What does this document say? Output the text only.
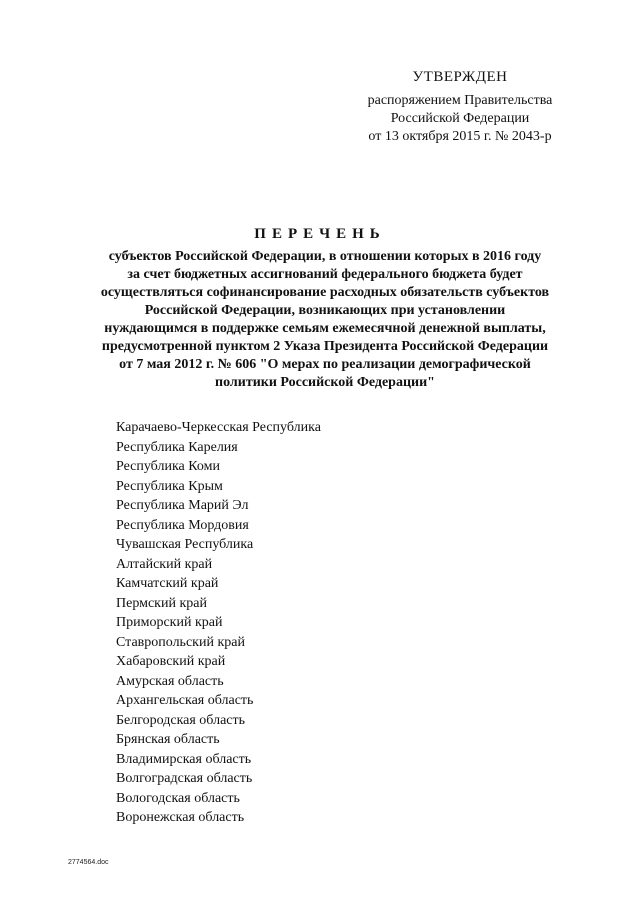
УТВЕРЖДЕН
распоряжением Правительства
Российской Федерации
от 13 октября 2015 г. № 2043-р
ПЕРЕЧЕНЬ
субъектов Российской Федерации, в отношении которых в 2016 году
за счет бюджетных ассигнований федерального бюджета будет
осуществляться софинансирование расходных обязательств субъектов
Российской Федерации, возникающих при установлении
нуждающимся в поддержке семьям ежемесячной денежной выплаты,
предусмотренной пунктом 2 Указа Президента Российской Федерации
от 7 мая 2012 г. № 606 "О мерах по реализации демографической
политики Российской Федерации"
Карачаево-Черкесская Республика
Республика Карелия
Республика Коми
Республика Крым
Республика Марий Эл
Республика Мордовия
Чувашская Республика
Алтайский край
Камчатский край
Пермский край
Приморский край
Ставропольский край
Хабаровский край
Амурская область
Архангельская область
Белгородская область
Брянская область
Владимирская область
Волгоградская область
Вологодская область
Воронежская область
2774564.doc
